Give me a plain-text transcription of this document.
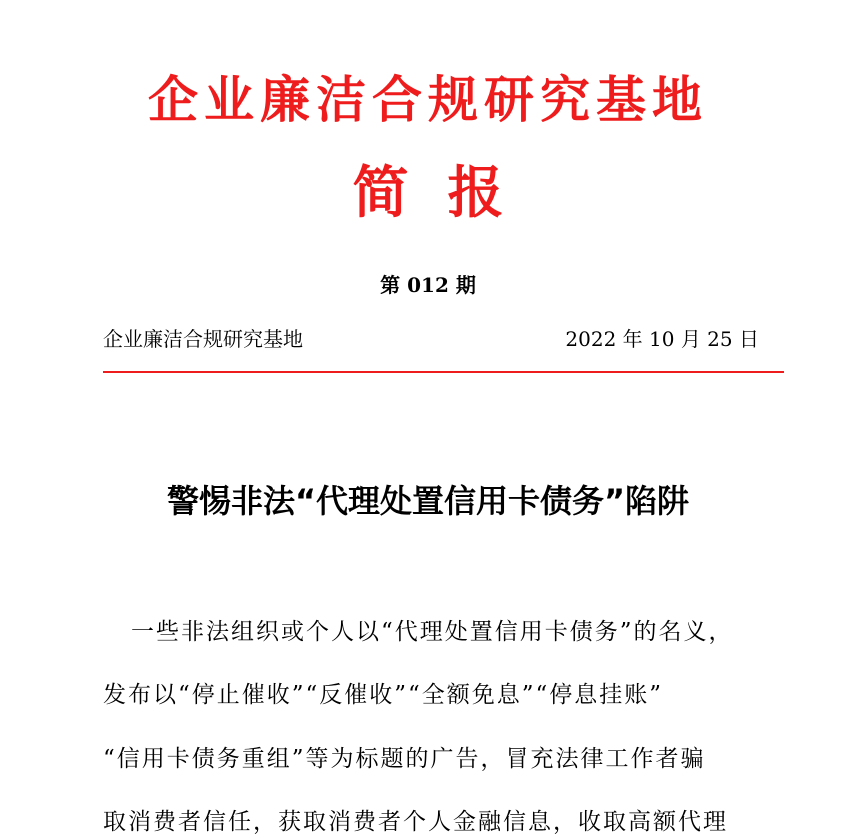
企业廉洁合规研究基地
简  报
第 012 期
企业廉洁合规研究基地	2022 年 10 月 25 日
警惕非法“代理处置信用卡债务”陷阱
一些非法组织或个人以“代理处置信用卡债务”的名义，
发布以“停止催收”“反催收”“全额免息”“停息挂账”
“信用卡债务重组”等为标题的广告，冒充法律工作者骗
取消费者信任，获取消费者个人金融信息，收取高额代理
